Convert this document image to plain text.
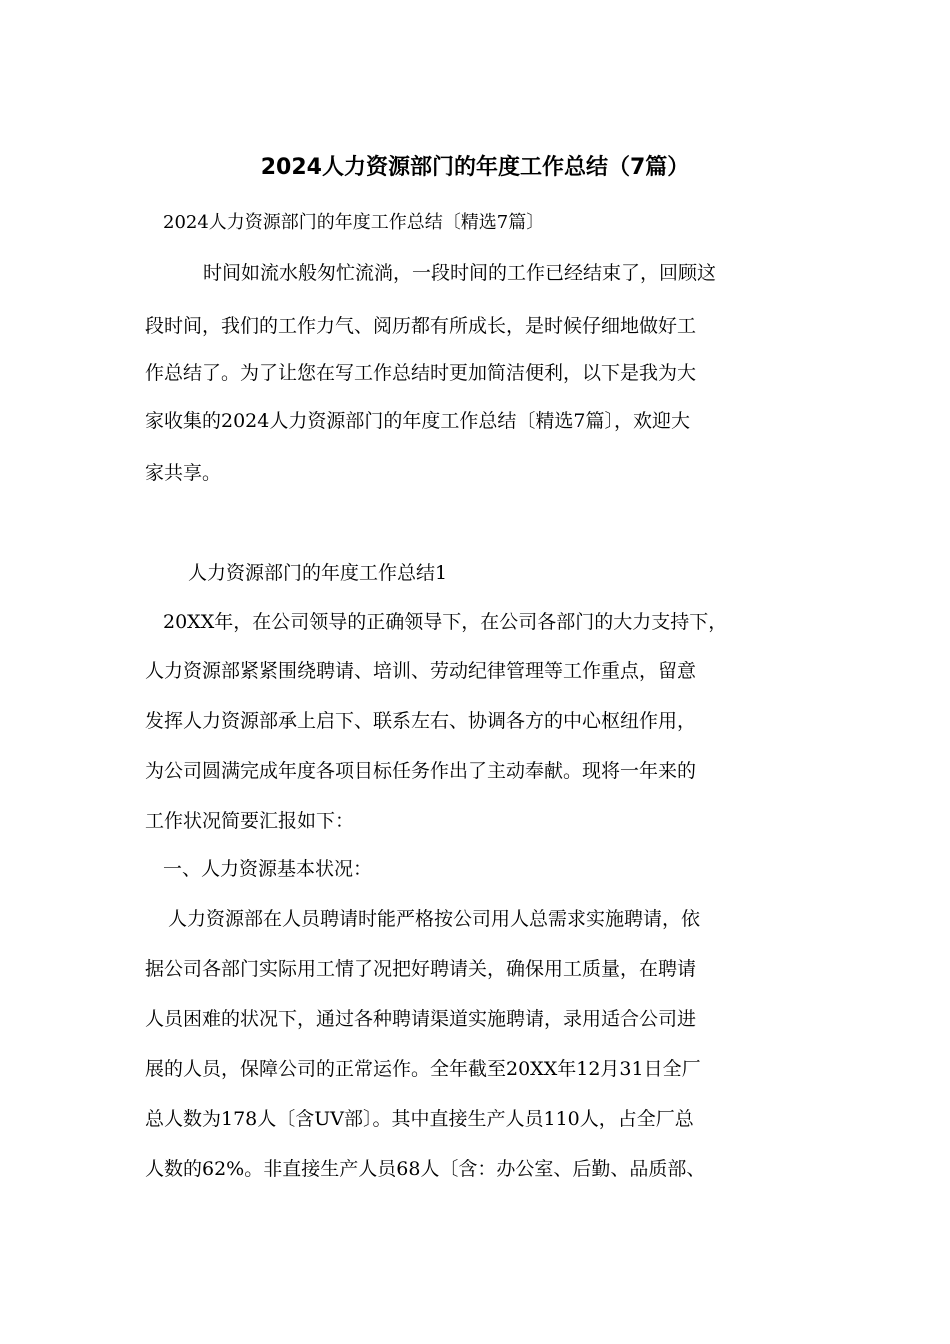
2024人力资源部门的年度工作总结（7篇）

2024人力资源部门的年度工作总结〔精选7篇〕

时间如流水般匆忙流淌，一段时间的工作已经结束了，回顾这

段时间，我们的工作力气、阅历都有所成长，是时候仔细地做好工

作总结了。为了让您在写工作总结时更加简洁便利，以下是我为大

家收集的2024人力资源部门的年度工作总结〔精选7篇〕，欢迎大

家共享。

人力资源部门的年度工作总结1

20XX年，在公司领导的正确领导下，在公司各部门的大力支持下，

人力资源部紧紧围绕聘请、培训、劳动纪律管理等工作重点，留意

发挥人力资源部承上启下、联系左右、协调各方的中心枢纽作用，

为公司圆满完成年度各项目标任务作出了主动奉献。现将一年来的

工作状况简要汇报如下：

一、人力资源基本状况：

人力资源部在人员聘请时能严格按公司用人总需求实施聘请，依

据公司各部门实际用工情了况把好聘请关，确保用工质量，在聘请

人员困难的状况下，通过各种聘请渠道实施聘请，录用适合公司进

展的人员，保障公司的正常运作。全年截至20XX年12月31日全厂

总人数为178人〔含UV部〕。其中直接生产人员110人，占全厂总

人数的62%。非直接生产人员68人〔含：办公室、后勤、品质部、
